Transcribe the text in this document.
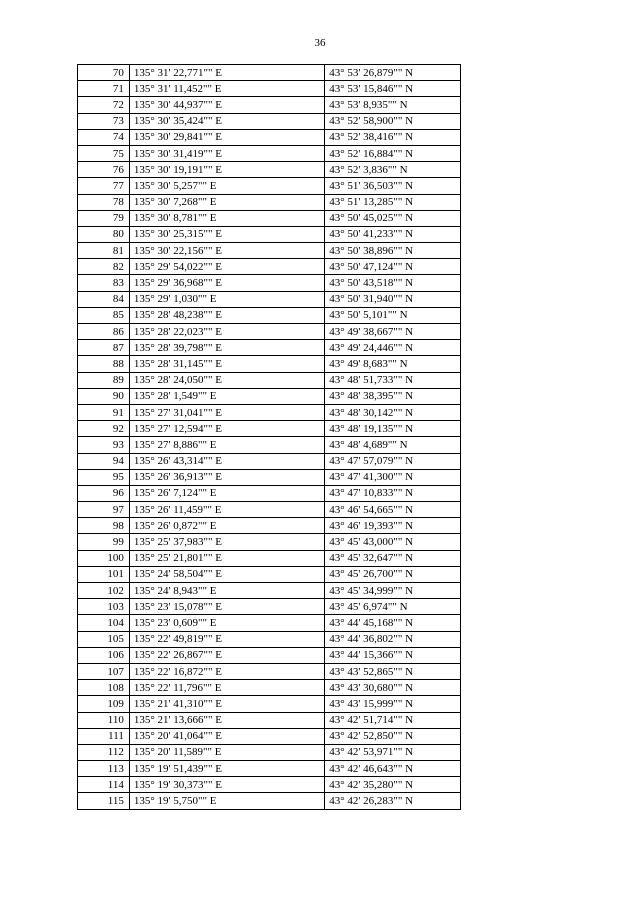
36
70	135° 31' 22,771"" E	43° 53' 26,879"" N
71	135° 31' 11,452"" E	43° 53' 15,846"" N
72	135° 30' 44,937"" E	43° 53' 8,935"" N
73	135° 30' 35,424"" E	43° 52' 58,900"" N
74	135° 30' 29,841"" E	43° 52' 38,416"" N
75	135° 30' 31,419"" E	43° 52' 16,884"" N
76	135° 30' 19,191"" E	43° 52' 3,836"" N
77	135° 30' 5,257"" E	43° 51' 36,503"" N
78	135° 30' 7,268"" E	43° 51' 13,285"" N
79	135° 30' 8,781"" E	43° 50' 45,025"" N
80	135° 30' 25,315"" E	43° 50' 41,233"" N
81	135° 30' 22,156"" E	43° 50' 38,896"" N
82	135° 29' 54,022"" E	43° 50' 47,124"" N
83	135° 29' 36,968"" E	43° 50' 43,518"" N
84	135° 29' 1,030"" E	43° 50' 31,940"" N
85	135° 28' 48,238"" E	43° 50' 5,101"" N
86	135° 28' 22,023"" E	43° 49' 38,667"" N
87	135° 28' 39,798"" E	43° 49' 24,446"" N
88	135° 28' 31,145"" E	43° 49' 8,683"" N
89	135° 28' 24,050"" E	43° 48' 51,733"" N
90	135° 28' 1,549"" E	43° 48' 38,395"" N
91	135° 27' 31,041"" E	43° 48' 30,142"" N
92	135° 27' 12,594"" E	43° 48' 19,135"" N
93	135° 27' 8,886"" E	43° 48' 4,689"" N
94	135° 26' 43,314"" E	43° 47' 57,079"" N
95	135° 26' 36,913"" E	43° 47' 41,300"" N
96	135° 26' 7,124"" E	43° 47' 10,833"" N
97	135° 26' 11,459"" E	43° 46' 54,665"" N
98	135° 26' 0,872"" E	43° 46' 19,393"" N
99	135° 25' 37,983"" E	43° 45' 43,000"" N
100	135° 25' 21,801"" E	43° 45' 32,647"" N
101	135° 24' 58,504"" E	43° 45' 26,700"" N
102	135° 24' 8,943"" E	43° 45' 34,999"" N
103	135° 23' 15,078"" E	43° 45' 6,974"" N
104	135° 23' 0,609"" E	43° 44' 45,168"" N
105	135° 22' 49,819"" E	43° 44' 36,802"" N
106	135° 22' 26,867"" E	43° 44' 15,366"" N
107	135° 22' 16,872"" E	43° 43' 52,865"" N
108	135° 22' 11,796"" E	43° 43' 30,680"" N
109	135° 21' 41,310"" E	43° 43' 15,999"" N
110	135° 21' 13,666"" E	43° 42' 51,714"" N
111	135° 20' 41,064"" E	43° 42' 52,850"" N
112	135° 20' 11,589"" E	43° 42' 53,971"" N
113	135° 19' 51,439"" E	43° 42' 46,643"" N
114	135° 19' 30,373"" E	43° 42' 35,280"" N
115	135° 19' 5,750"" E	43° 42' 26,283"" N
